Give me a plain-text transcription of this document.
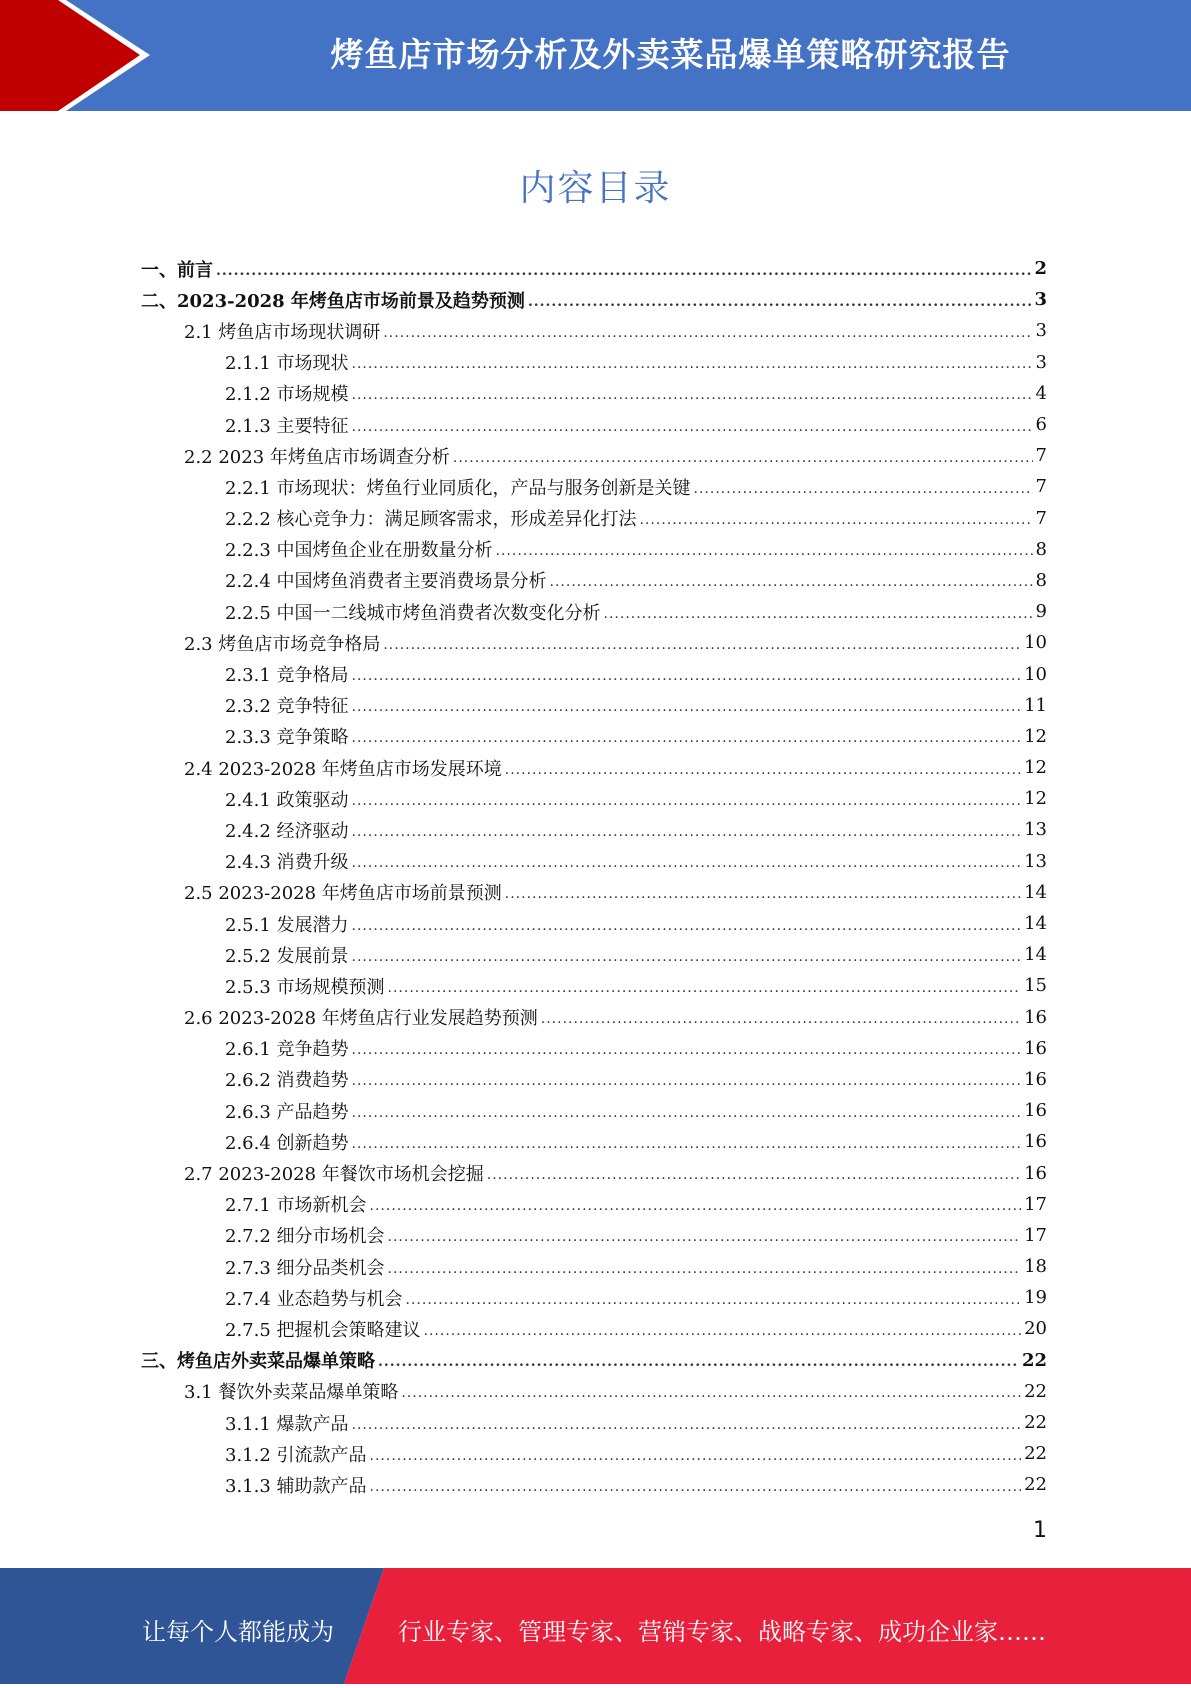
烤鱼店市场分析及外卖菜品爆单策略研究报告
内容目录
一、前言 .....	2
二、2023-2028 年烤鱼店市场前景及趋势预测 .....	3
2.1 烤鱼店市场现状调研 .....	3
2.1.1 市场现状 .....	3
2.1.2 市场规模 .....	4
2.1.3 主要特征 .....	6
2.2 2023 年烤鱼店市场调查分析 .....	7
2.2.1 市场现状：烤鱼行业同质化，产品与服务创新是关键 .....	7
2.2.2 核心竞争力：满足顾客需求，形成差异化打法 .....	7
2.2.3 中国烤鱼企业在册数量分析 .....	8
2.2.4 中国烤鱼消费者主要消费场景分析 .....	8
2.2.5 中国一二线城市烤鱼消费者次数变化分析 .....	9
2.3 烤鱼店市场竞争格局 .....	10
2.3.1 竞争格局 .....	10
2.3.2 竞争特征 .....	11
2.3.3 竞争策略 .....	12
2.4 2023-2028 年烤鱼店市场发展环境 .....	12
2.4.1 政策驱动 .....	12
2.4.2 经济驱动 .....	13
2.4.3 消费升级 .....	13
2.5 2023-2028 年烤鱼店市场前景预测 .....	14
2.5.1 发展潜力 .....	14
2.5.2 发展前景 .....	14
2.5.3 市场规模预测 .....	15
2.6 2023-2028 年烤鱼店行业发展趋势预测 .....	16
2.6.1 竞争趋势 .....	16
2.6.2 消费趋势 .....	16
2.6.3 产品趋势 .....	16
2.6.4 创新趋势 .....	16
2.7 2023-2028 年餐饮市场机会挖掘 .....	16
2.7.1 市场新机会 .....	17
2.7.2 细分市场机会 .....	17
2.7.3 细分品类机会 .....	18
2.7.4 业态趋势与机会 .....	19
2.7.5 把握机会策略建议 .....	20
三、烤鱼店外卖菜品爆单策略 .....	22
3.1 餐饮外卖菜品爆单策略 .....	22
3.1.1 爆款产品 .....	22
3.1.2 引流款产品 .....	22
3.1.3 辅助款产品 .....	22
1
让每个人都能成为	行业专家、管理专家、营销专家、战略专家、成功企业家……
